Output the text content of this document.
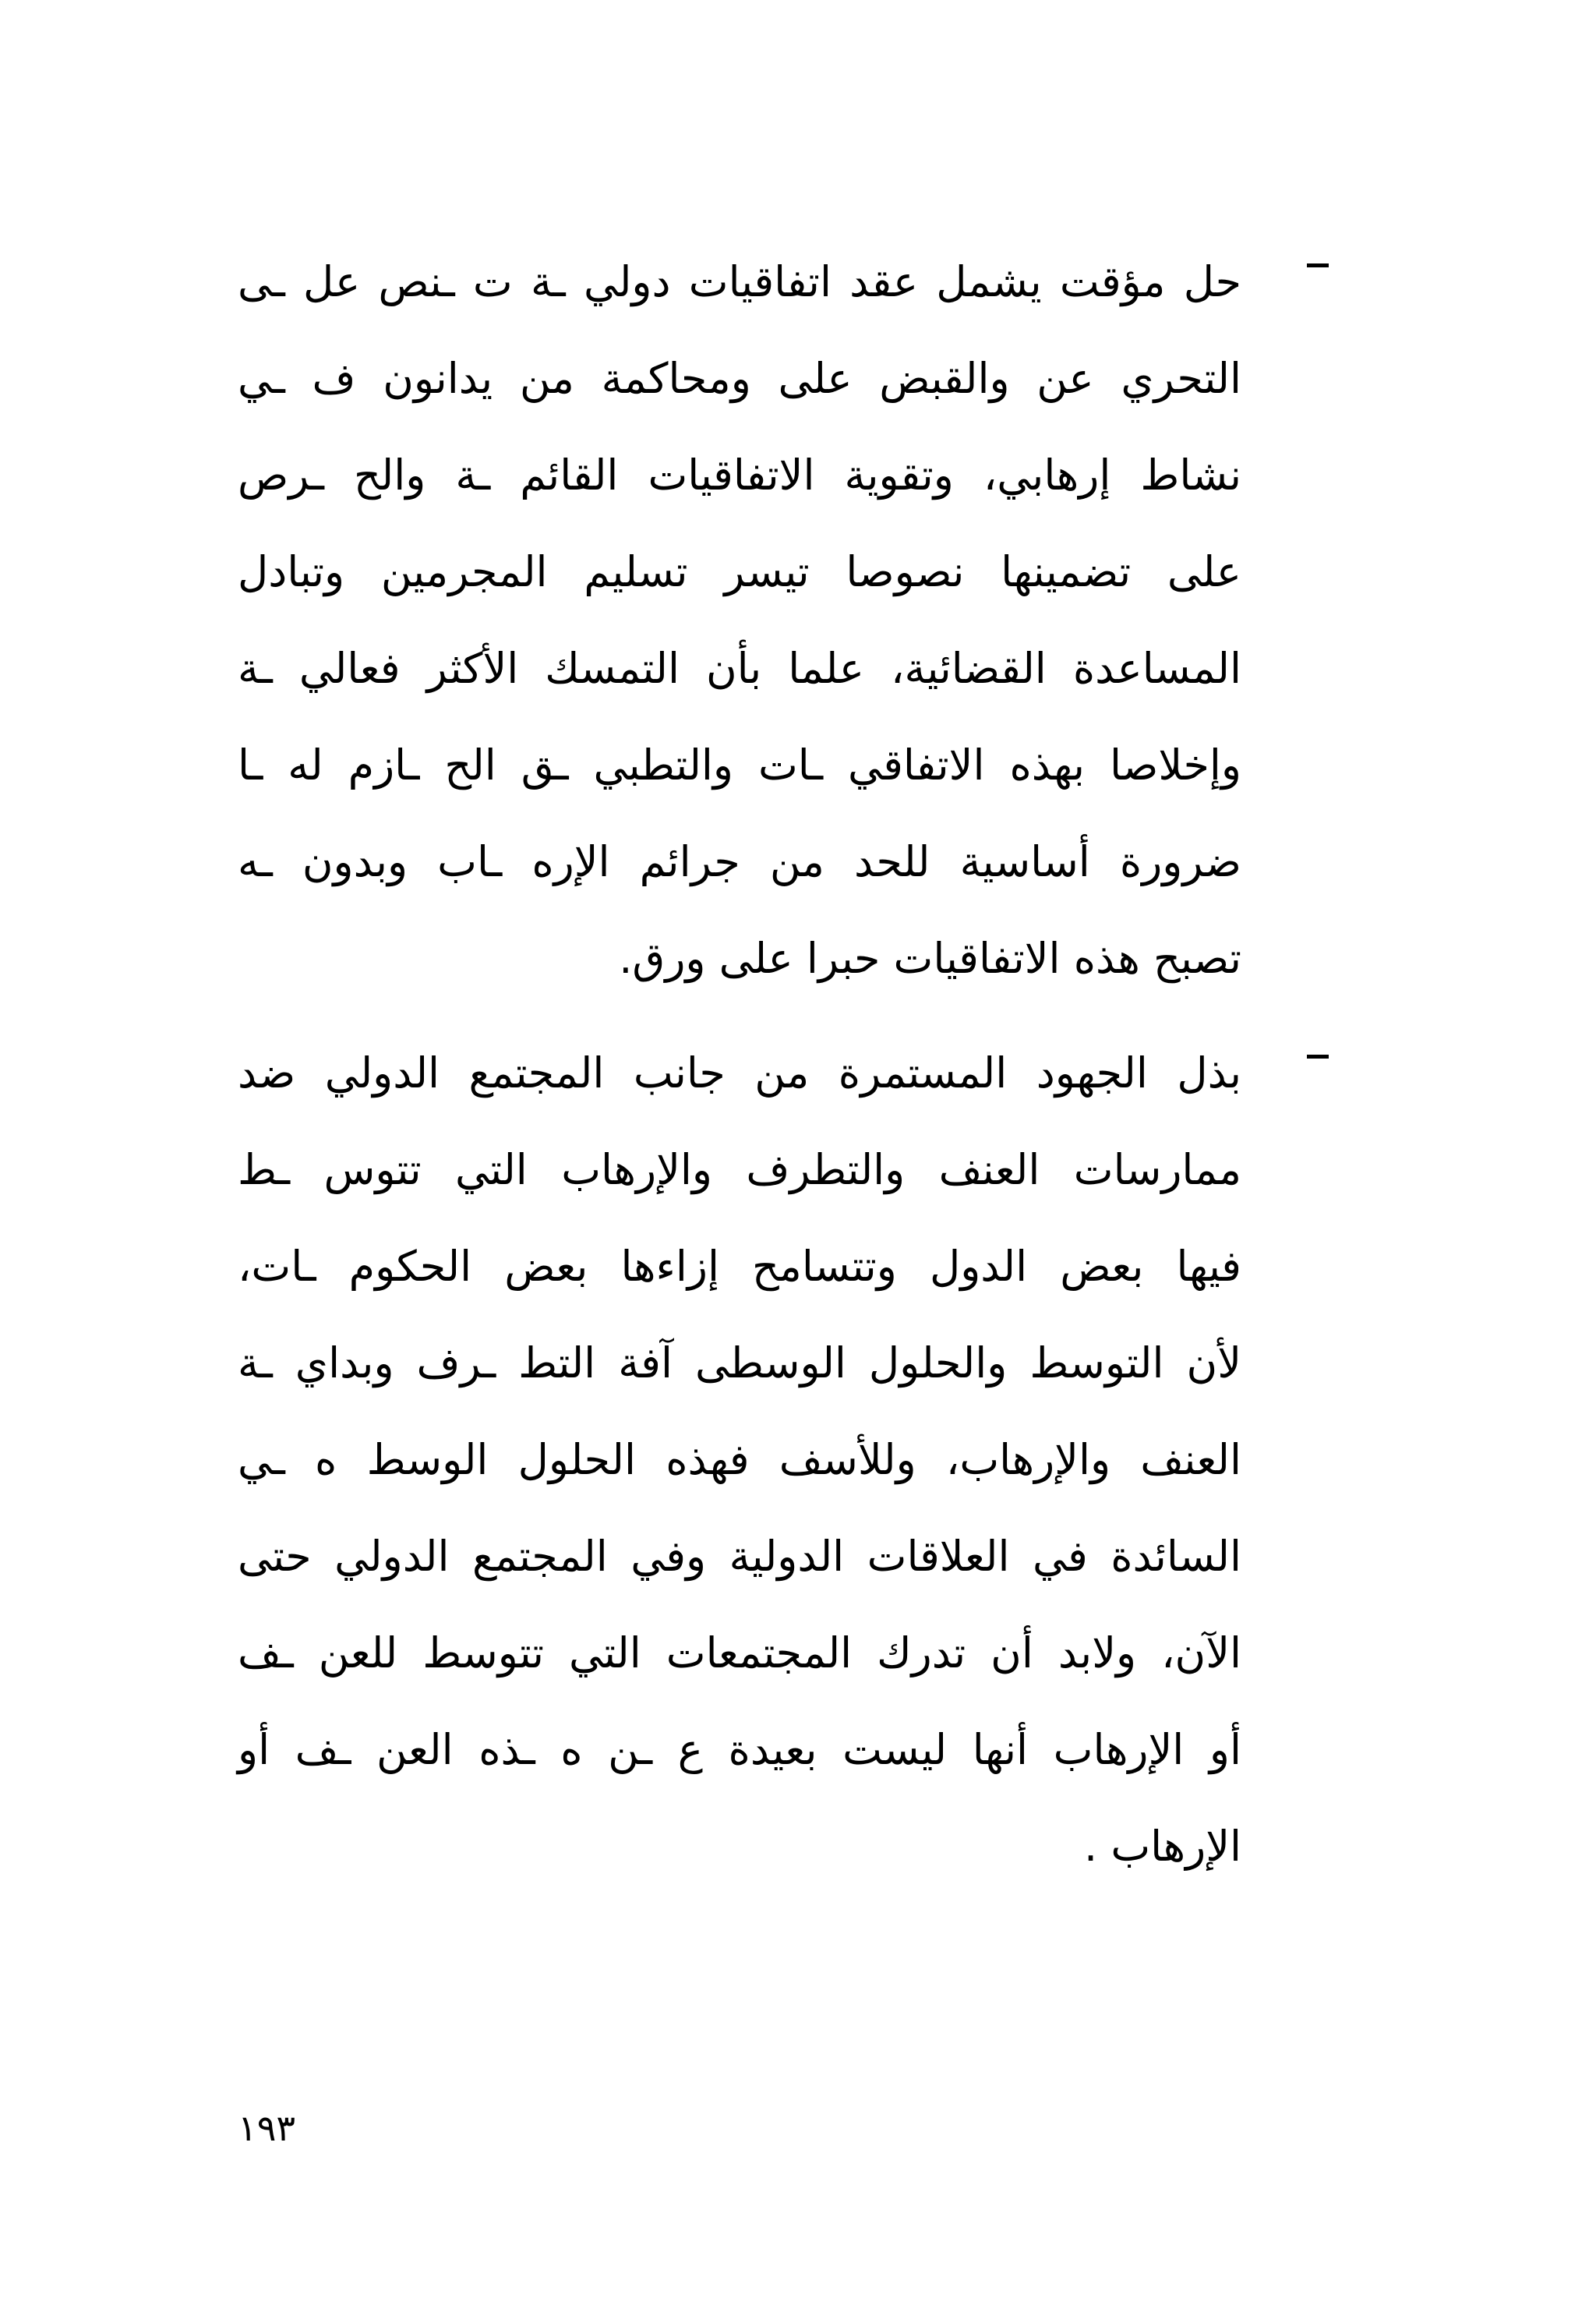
حل مؤقت يشمل عقد اتفاقيات دولي ـة ت ـنص عل ـى
التحري عن والقبض على ومحاكمة من يدانون ف ـي
نشاط إرهابي، وتقوية الاتفاقيات القائم ـة والح ـرص
على تضمينها نصوصا تيسر تسليم المجرمين وتبادل
المساعدة القضائية، علما بأن التمسك الأكثر فعالي ـة
وإخلاصا بهذه الاتفاقي ـات والتطبي ـق الح ـازم له ـا
ضرورة أساسية للحد من جرائم الإره ـاب وبدون ـه
تصبح هذه الاتفاقيات حبرا على ورق.
بذل الجهود المستمرة من جانب المجتمع الدولي ضد
ممارسات العنف والتطرف والإرهاب التي تتوس ـط
فيها بعض الدول وتتسامح إزاءها بعض الحكوم ـات،
لأن التوسط والحلول الوسطى آفة التط ـرف وبداي ـة
العنف والإرهاب، وللأسف فهذه الحلول الوسط ه ـي
السائدة في العلاقات الدولية وفي المجتمع الدولي حتى
الآن، ولابد أن تدرك المجتمعات التي تتوسط للعن ـف
أو الإرهاب أنها ليست بعيدة ع ـن ه ـذه العن ـف أو
الإرهاب .
١٩٣
